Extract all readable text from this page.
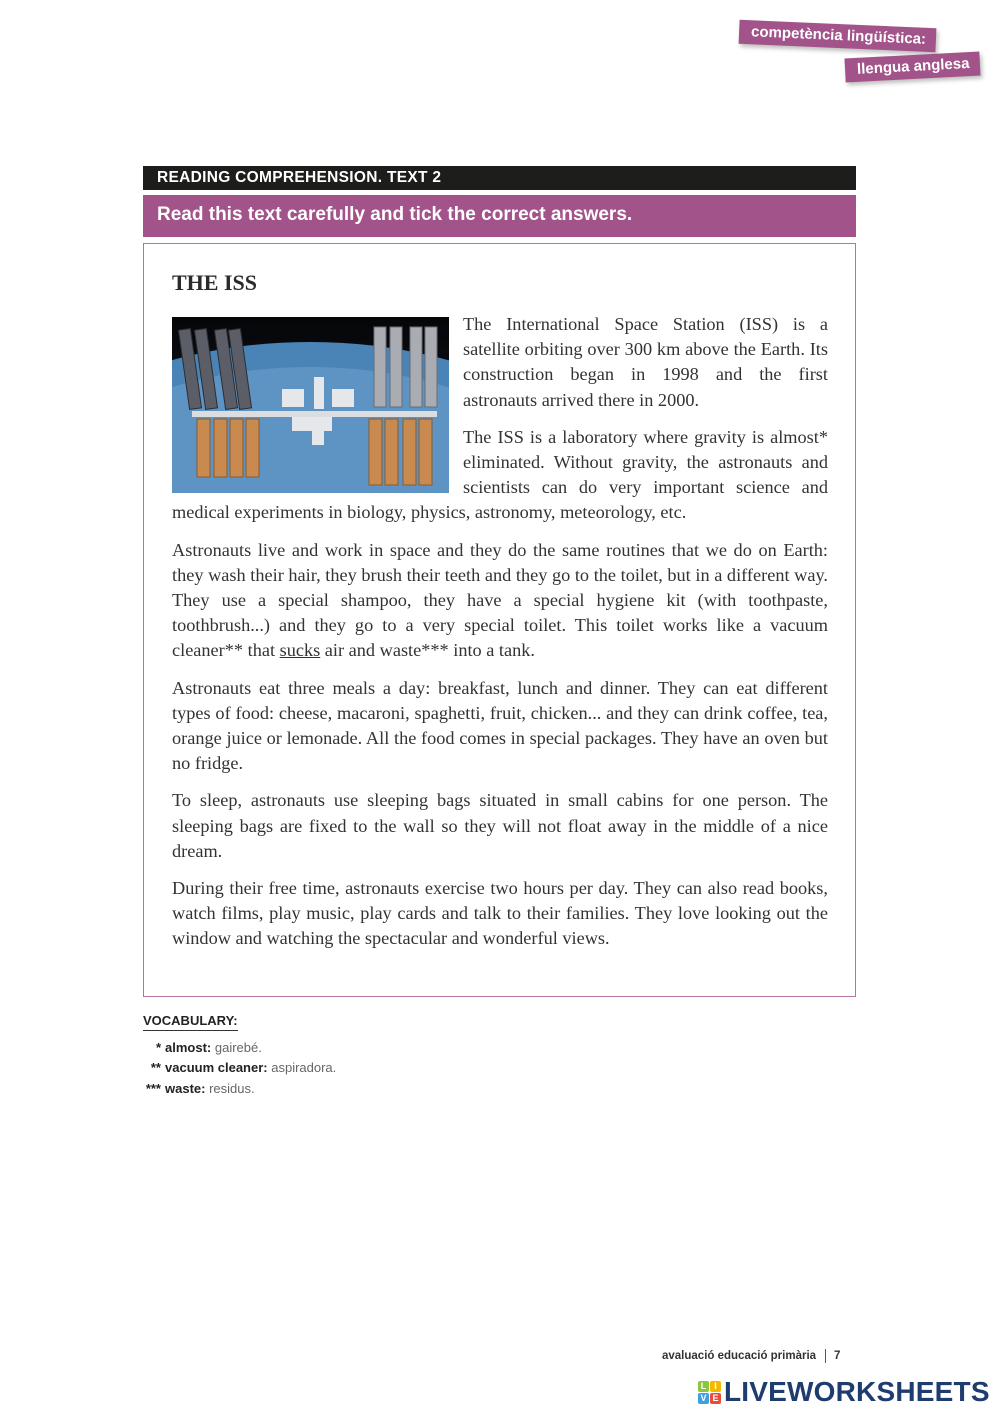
competència lingüística:
llengua anglesa
READING COMPREHENSION. TEXT 2
Read this text carefully and tick the correct answers.
THE ISS

The International Space Station (ISS) is a satellite orbiting over 300 km above the Earth. Its construction began in 1998 and the first astronauts arrived there in 2000.

The ISS is a laboratory where gravity is almost* eliminated. Without gravity, the astronauts and scientists can do very important science and medical experiments in biology, physics, astronomy, meteorology, etc.

Astronauts live and work in space and they do the same routines that we do on Earth: they wash their hair, they brush their teeth and they go to the toilet, but in a different way. They use a special shampoo, they have a special hygiene kit (with toothpaste, toothbrush...) and they go to a very special toilet. This toilet works like a vacuum cleaner** that sucks air and waste*** into a tank.

Astronauts eat three meals a day: breakfast, lunch and dinner. They can eat different types of food: cheese, macaroni, spaghetti, fruit, chicken... and they can drink coffee, tea, orange juice or lemonade. All the food comes in special packages. They have an oven but no fridge.

To sleep, astronauts use sleeping bags situated in small cabins for one person. The sleeping bags are fixed to the wall so they will not float away in the middle of a nice dream.

During their free time, astronauts exercise two hours per day. They can also read books, watch films, play music, play cards and talk to their families. They love looking out the window and watching the spectacular and wonderful views.

VOCABULARY:
* almost: gairebé.
** vacuum cleaner: aspiradora.
*** waste: residus.
avaluació educació primària 7
L I
V E LIVEWORKSHEETS
